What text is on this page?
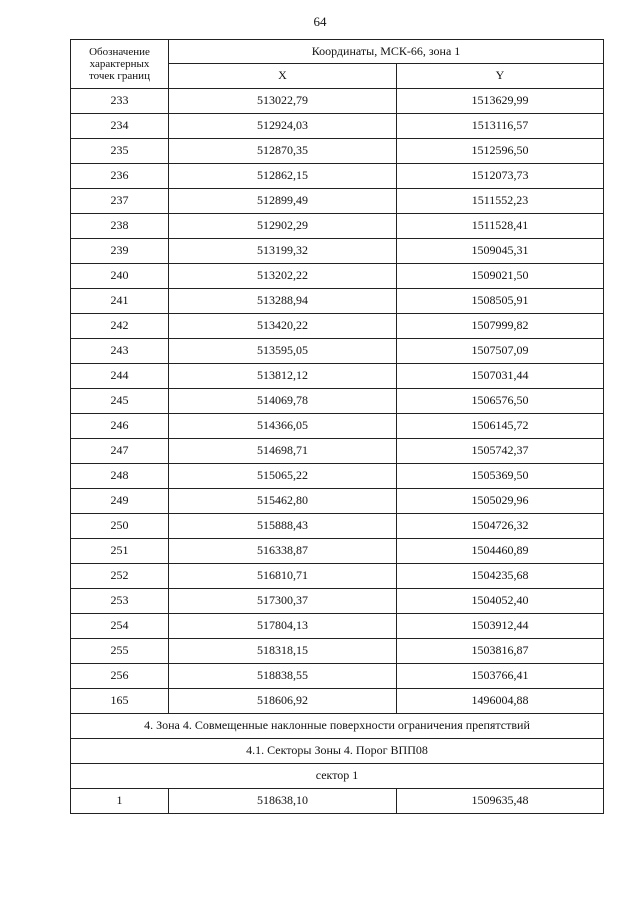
64
Обозначение
характерных
точек границ	Координаты, МСК-66, зона 1	
	X	Y
233	513022,79	1513629,99
234	512924,03	1513116,57
235	512870,35	1512596,50
236	512862,15	1512073,73
237	512899,49	1511552,23
238	512902,29	1511528,41
239	513199,32	1509045,31
240	513202,22	1509021,50
241	513288,94	1508505,91
242	513420,22	1507999,82
243	513595,05	1507507,09
244	513812,12	1507031,44
245	514069,78	1506576,50
246	514366,05	1506145,72
247	514698,71	1505742,37
248	515065,22	1505369,50
249	515462,80	1505029,96
250	515888,43	1504726,32
251	516338,87	1504460,89
252	516810,71	1504235,68
253	517300,37	1504052,40
254	517804,13	1503912,44
255	518318,15	1503816,87
256	518838,55	1503766,41
165	518606,92	1496004,88
4. Зона 4. Совмещенные наклонные поверхности ограничения препятствий		
4.1. Секторы Зоны 4. Порог ВПП08		
сектор 1		
1	518638,10	1509635,48
